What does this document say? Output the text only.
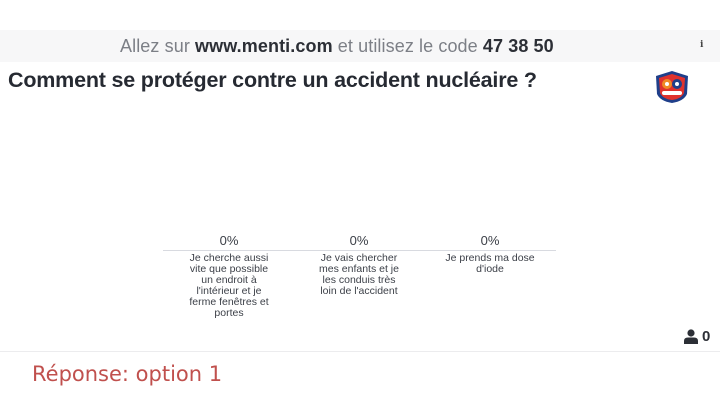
Allez sur www.menti.com et utilisez le code 47 38 50	i
Comment se protéger contre un accident nucléaire ?
0%
Je cherche aussi vite que possible un endroit à l'intérieur et je ferme fenêtres et portes
0%
Je vais chercher mes enfants et je les conduis très loin de l'accident
0%
Je prends ma dose d'iode
0
Réponse: option 1
